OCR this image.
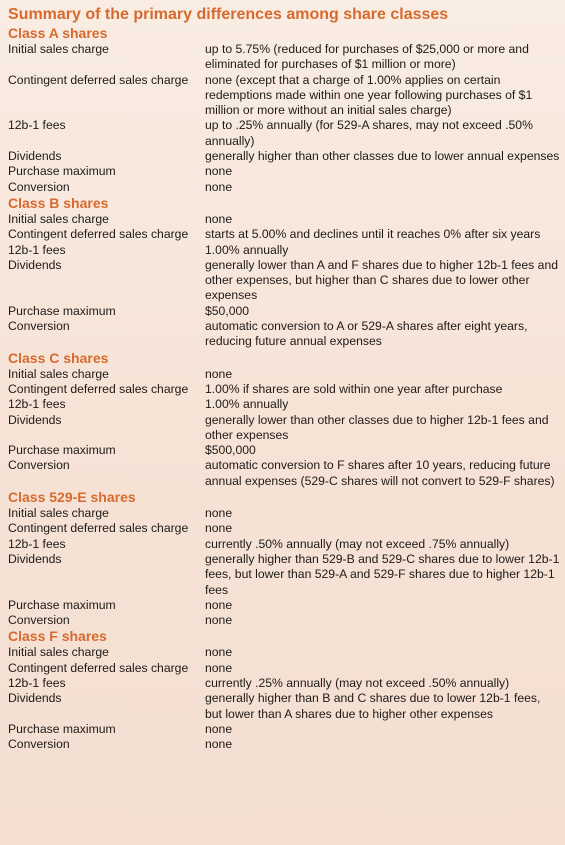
Summary of the primary differences among share classes
Class A shares
Initial sales charge	up to 5.75% (reduced for purchases of $25,000 or more and eliminated for purchases of $1 million or more)
Contingent deferred sales charge	none (except that a charge of 1.00% applies on certain redemptions made within one year following purchases of $1 million or more without an initial sales charge)
12b-1 fees	up to .25% annually (for 529-A shares, may not exceed .50% annually)
Dividends	generally higher than other classes due to lower annual expenses
Purchase maximum	none
Conversion	none
Class B shares
Initial sales charge	none
Contingent deferred sales charge	starts at 5.00% and declines until it reaches 0% after six years
12b-1 fees	1.00% annually
Dividends	generally lower than A and F shares due to higher 12b-1 fees and other expenses, but higher than C shares due to lower other expenses
Purchase maximum	$50,000
Conversion	automatic conversion to A or 529-A shares after eight years, reducing future annual expenses
Class C shares
Initial sales charge	none
Contingent deferred sales charge	1.00% if shares are sold within one year after purchase
12b-1 fees	1.00% annually
Dividends	generally lower than other classes due to higher 12b-1 fees and other expenses
Purchase maximum	$500,000
Conversion	automatic conversion to F shares after 10 years, reducing future annual expenses (529-C shares will not convert to 529-F shares)
Class 529-E shares
Initial sales charge	none
Contingent deferred sales charge	none
12b-1 fees	currently .50% annually (may not exceed .75% annually)
Dividends	generally higher than 529-B and 529-C shares due to lower 12b-1 fees, but lower than 529-A and 529-F shares due to higher 12b-1 fees
Purchase maximum	none
Conversion	none
Class F shares
Initial sales charge	none
Contingent deferred sales charge	none
12b-1 fees	currently .25% annually (may not exceed .50% annually)
Dividends	generally higher than B and C shares due to lower 12b-1 fees, but lower than A shares due to higher other expenses
Purchase maximum	none
Conversion	none
